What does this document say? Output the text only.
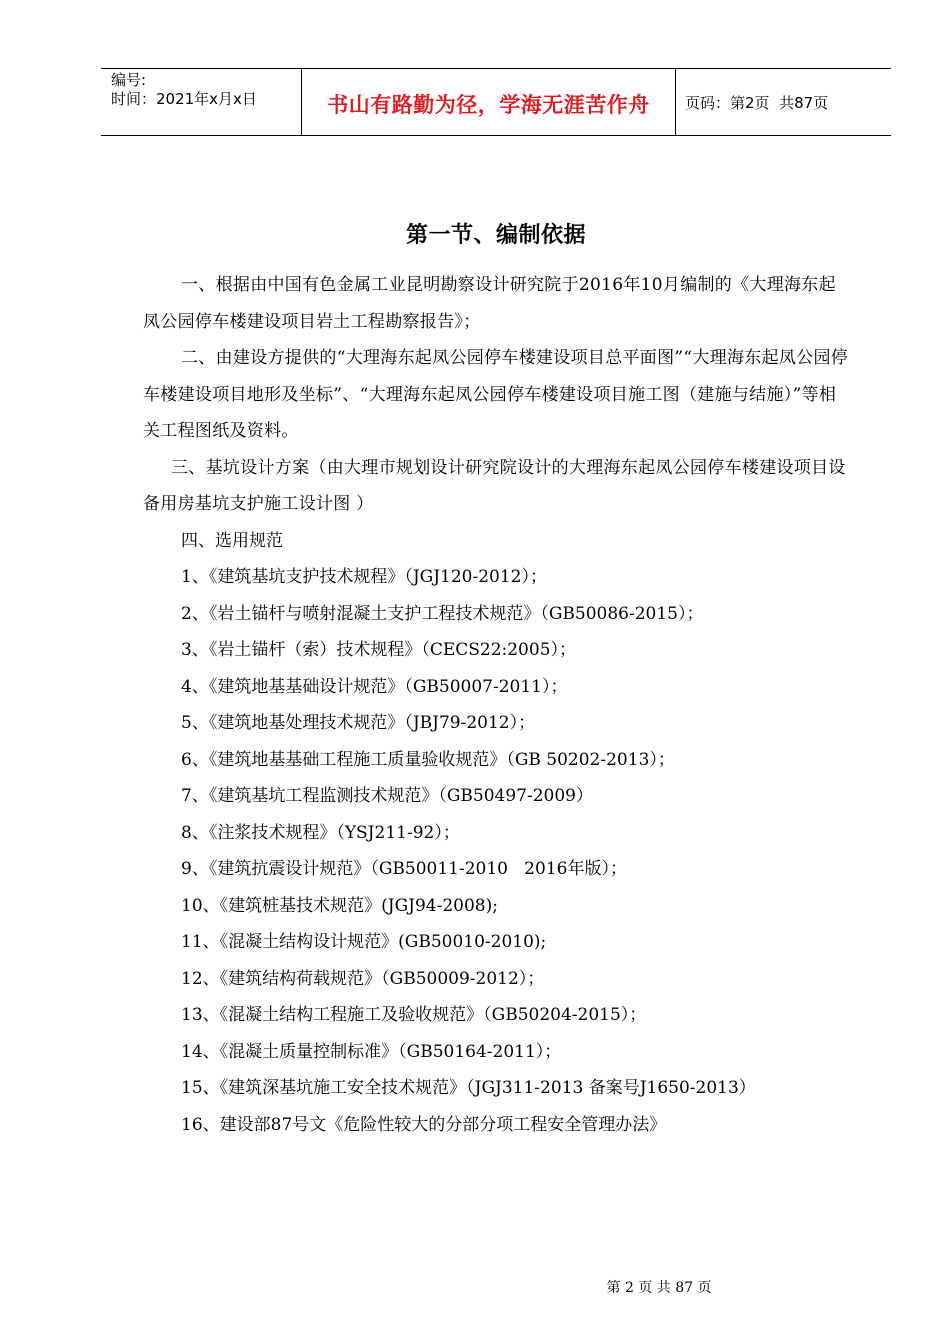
编号:
时间：2021年x月x日	书山有路勤为径，学海无涯苦作舟 页码：第2页  共87页
第一节、编制依据

一、根据由中国有色金属工业昆明勘察设计研究院于2016年10月编制的《大理海东起凤公园停车楼建设项目岩土工程勘察报告》；

二、由建设方提供的“大理海东起凤公园停车楼建设项目总平面图”“大理海东起凤公园停车楼建设项目地形及坐标”、“大理海东起凤公园停车楼建设项目施工图（建施与结施）”等相关工程图纸及资料。

三、基坑设计方案（由大理市规划设计研究院设计的大理海东起凤公园停车楼建设项目设备用房基坑支护施工设计图 ）

四、选用规范

1、《建筑基坑支护技术规程》（JGJ120-2012）；
2、《岩土锚杆与喷射混凝土支护工程技术规范》（GB50086-2015）；
3、《岩土锚杆（索）技术规程》（CECS22:2005）；
4、《建筑地基基础设计规范》（GB50007-2011）；
5、《建筑地基处理技术规范》（JBJ79-2012）；
6、《建筑地基基础工程施工质量验收规范》（GB 50202-2013）；
7、《建筑基坑工程监测技术规范》（GB50497-2009）
8、《注浆技术规程》（YSJ211-92）；
9、《建筑抗震设计规范》（GB50011-2010   2016年版）；
10、《建筑桩基技术规范》(JGJ94-2008);
11、《混凝土结构设计规范》(GB50010-2010);
12、《建筑结构荷载规范》（GB50009-2012）；
13、《混凝土结构工程施工及验收规范》（GB50204-2015）；
14、《混凝土质量控制标准》（GB50164-2011）；
15、《建筑深基坑施工安全技术规范》（JGJ311-2013 备案号J1650-2013）
16、建设部87号文《危险性较大的分部分项工程安全管理办法》
第 2 页 共 87 页
